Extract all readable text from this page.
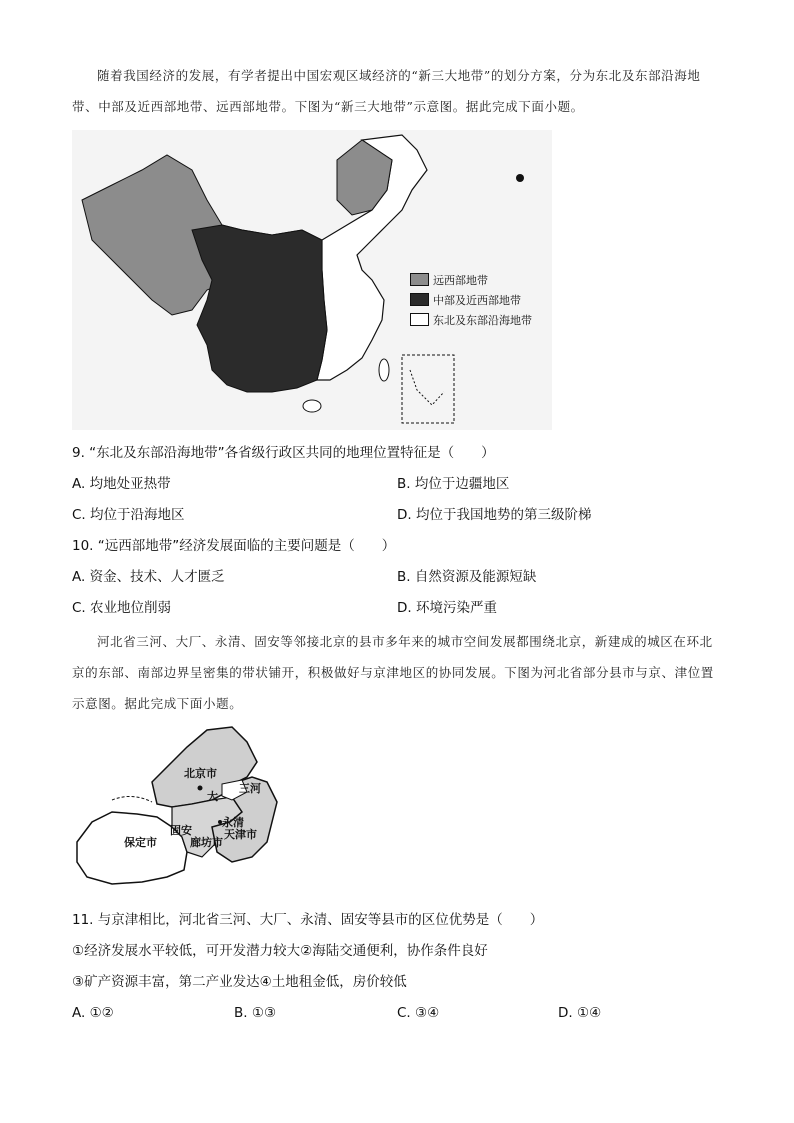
随着我国经济的发展，有学者提出中国宏观区域经济的“新三大地带”的划分方案，分为东北及东部沿海地带、中部及近西部地带、远西部地带。下图为“新三大地带”示意图。据此完成下面小题。
远西部地带
中部及近西部地带
东北及东部沿海地带
9. “东北及东部沿海地带”各省级行政区共同的地理位置特征是（　　）
A. 均地处亚热带	B. 均位于边疆地区
C. 均位于沿海地区	D. 均位于我国地势的第三级阶梯
10. “远西部地带”经济发展面临的主要问题是（　　）
A. 资金、技术、人才匮乏	B. 自然资源及能源短缺
C. 农业地位削弱	D. 环境污染严重
河北省三河、大厂、永清、固安等邻接北京的县市多年来的城市空间发展都围绕北京，新建成的城区在环北京的东部、南部边界呈密集的带状铺开，积极做好与京津地区的协同发展。下图为河北省部分县市与京、津位置示意图。据此完成下面小题。
北京市
三河
大
永清
固安
廊坊市
天津市
保定市
11. 与京津相比，河北省三河、大厂、永清、固安等县市的区位优势是（　　）
①经济发展水平较低，可开发潜力较大②海陆交通便利，协作条件良好
③矿产资源丰富，第二产业发达④土地租金低，房价较低
A. ①②	B. ①③	C. ③④	D. ①④
